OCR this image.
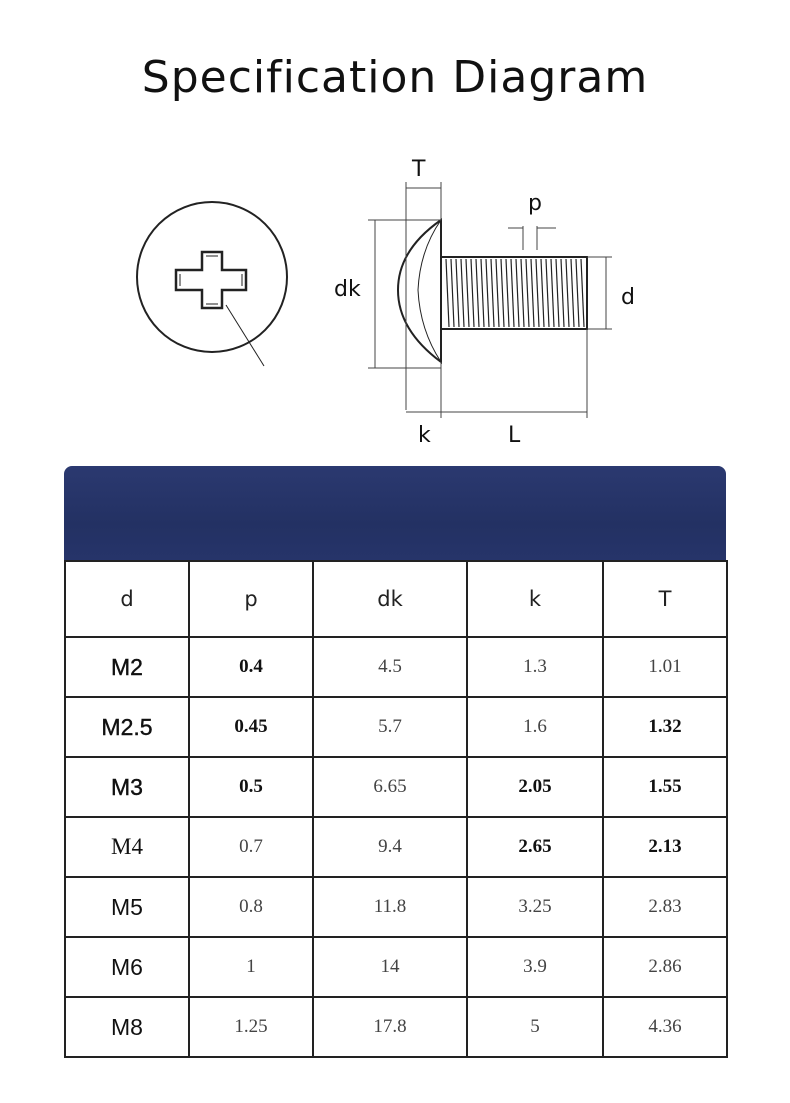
Specification Diagram
T
p
dk	d
k	L
d	p	dk	k	T
M2	0.4	4.5	1.3	1.01
M2.5	0.45	5.7	1.6	1.32
M3	0.5	6.65	2.05	1.55
M4	0.7	9.4	2.65	2.13
M5	0.8	11.8	3.25	2.83
M6	1	14	3.9	2.86
M8	1.25	17.8	5	4.36
